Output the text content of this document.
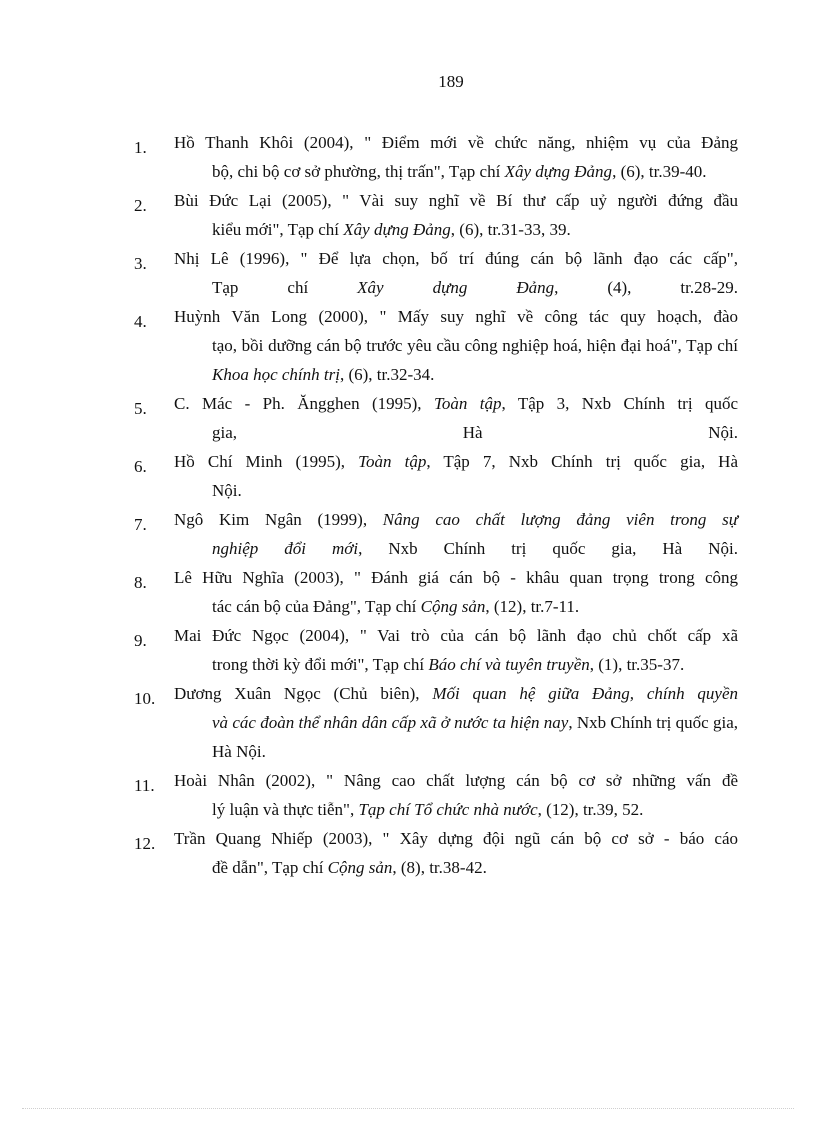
189
1.	Hồ Thanh Khôi (2004), " Điểm mới về chức năng, nhiệm vụ của Đảng
bộ, chi bộ cơ sở phường, thị trấn", Tạp chí Xây dựng Đảng, (6), tr.39-40.
2.	Bùi Đức Lại (2005), " Vài suy nghĩ về Bí thư cấp uỷ người đứng đầu
kiểu mới", Tạp chí Xây dựng Đảng, (6), tr.31-33, 39.
3.	Nhị Lê (1996), " Để lựa chọn, bố trí đúng cán bộ lãnh đạo các cấp",
Tạp chí Xây dựng Đảng, (4), tr.28-29.
4.	Huỳnh Văn Long (2000), " Mấy suy nghĩ về công tác quy hoạch, đào
tạo, bồi dưỡng cán bộ trước yêu cầu công nghiệp hoá, hiện đại hoá", Tạp chí Khoa học chính trị, (6), tr.32-34.
5.	C. Mác - Ph. Ăngghen (1995), Toàn tập, Tập 3, Nxb Chính trị quốc
gia, Hà Nội.
6.	Hồ Chí Minh (1995), Toàn tập, Tập 7, Nxb Chính trị quốc gia, Hà
Nội.
7.	Ngô Kim Ngân (1999), Nâng cao chất lượng đảng viên trong sự
nghiệp đổi mới, Nxb Chính trị quốc gia, Hà Nội.
8.	Lê Hữu Nghĩa (2003), " Đánh giá cán bộ - khâu quan trọng trong công
tác cán bộ của Đảng", Tạp chí Cộng sản, (12), tr.7-11.
9.	Mai Đức Ngọc (2004), " Vai trò của cán bộ lãnh đạo chủ chốt cấp xã
trong thời kỳ đổi mới", Tạp chí Báo chí và tuyên truyền, (1), tr.35-37.
10.	Dương Xuân Ngọc (Chủ biên), Mối quan hệ giữa Đảng, chính quyền
và các đoàn thể nhân dân cấp xã ở nước ta hiện nay, Nxb Chính trị quốc gia, Hà Nội.
11.	Hoài Nhân (2002), " Nâng cao chất lượng cán bộ cơ sở những vấn đề
lý luận và thực tiễn", Tạp chí Tổ chức nhà nước, (12), tr.39, 52.
12.	Trần Quang Nhiếp (2003), " Xây dựng đội ngũ cán bộ cơ sở - báo cáo
đề dẫn", Tạp chí Cộng sản, (8), tr.38-42.
